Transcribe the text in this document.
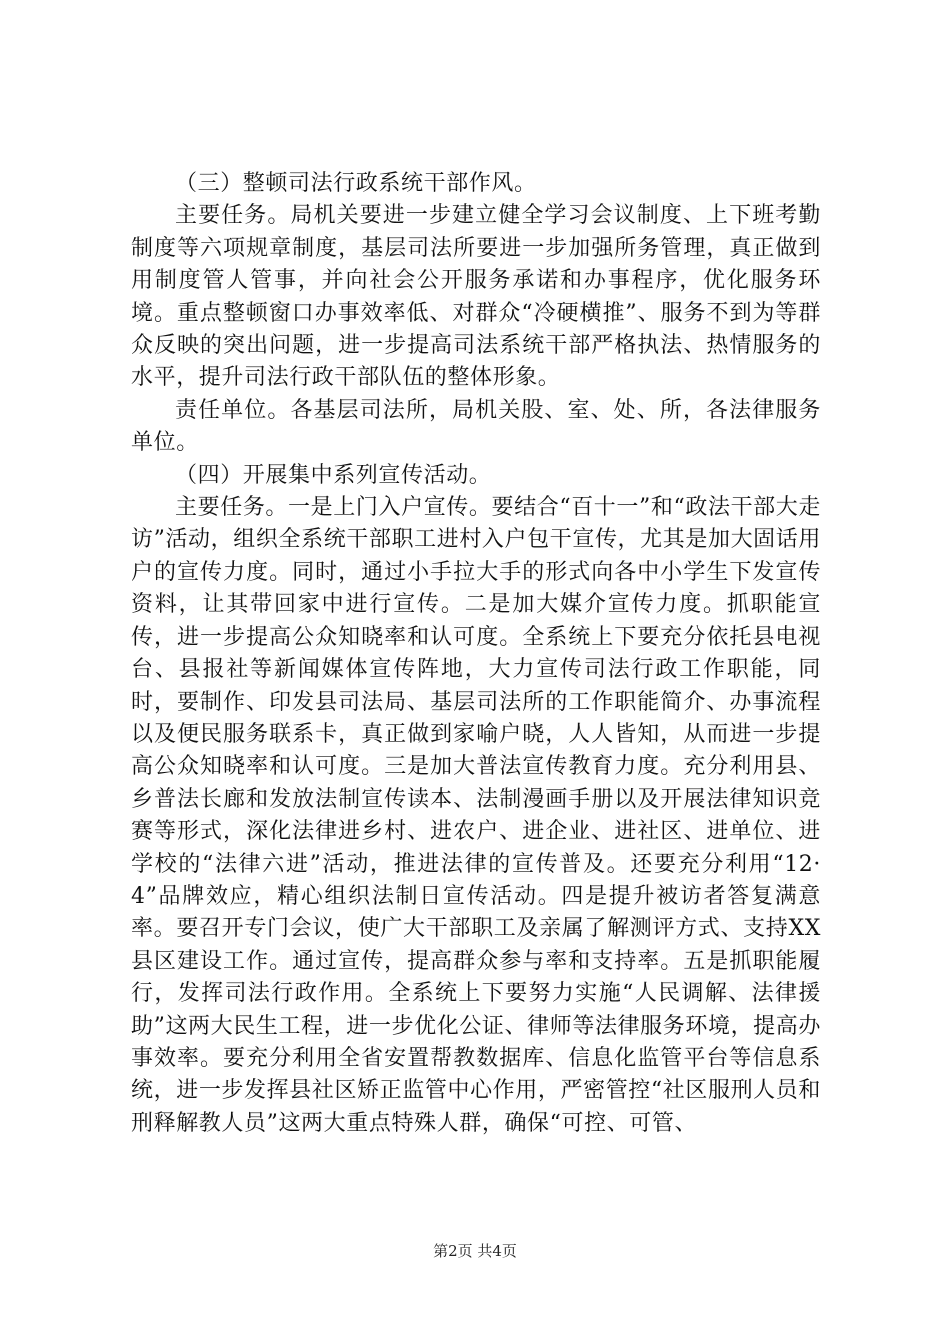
（三）整顿司法行政系统干部作风。

主要任务。局机关要进一步建立健全学习会议制度、上下班考勤制度等六项规章制度，基层司法所要进一步加强所务管理，真正做到用制度管人管事，并向社会公开服务承诺和办事程序，优化服务环境。重点整顿窗口办事效率低、对群众“冷硬横推”、服务不到为等群众反映的突出问题，进一步提高司法系统干部严格执法、热情服务的水平，提升司法行政干部队伍的整体形象。

责任单位。各基层司法所，局机关股、室、处、所，各法律服务单位。

（四）开展集中系列宣传活动。

主要任务。一是上门入户宣传。要结合“百十一”和“政法干部大走访”活动，组织全系统干部职工进村入户包干宣传，尤其是加大固话用户的宣传力度。同时，通过小手拉大手的形式向各中小学生下发宣传资料，让其带回家中进行宣传。二是加大媒介宣传力度。抓职能宣传，进一步提高公众知晓率和认可度。全系统上下要充分依托县电视台、县报社等新闻媒体宣传阵地，大力宣传司法行政工作职能，同时，要制作、印发县司法局、基层司法所的工作职能简介、办事流程以及便民服务联系卡，真正做到家喻户晓，人人皆知，从而进一步提高公众知晓率和认可度。三是加大普法宣传教育力度。充分利用县、乡普法长廊和发放法制宣传读本、法制漫画手册以及开展法律知识竞赛等形式，深化法律进乡村、进农户、进企业、进社区、进单位、进学校的“法律六进”活动，推进法律的宣传普及。还要充分利用“12·4”品牌效应，精心组织法制日宣传活动。四是提升被访者答复满意率。要召开专门会议，使广大干部职工及亲属了解测评方式、支持XX县区建设工作。通过宣传，提高群众参与率和支持率。五是抓职能履行，发挥司法行政作用。全系统上下要努力实施“人民调解、法律援助”这两大民生工程，进一步优化公证、律师等法律服务环境，提高办事效率。要充分利用全省安置帮教数据库、信息化监管平台等信息系统，进一步发挥县社区矫正监管中心作用，严密管控“社区服刑人员和刑释解教人员”这两大重点特殊人群，确保“可控、可管、

第2页 共4页
